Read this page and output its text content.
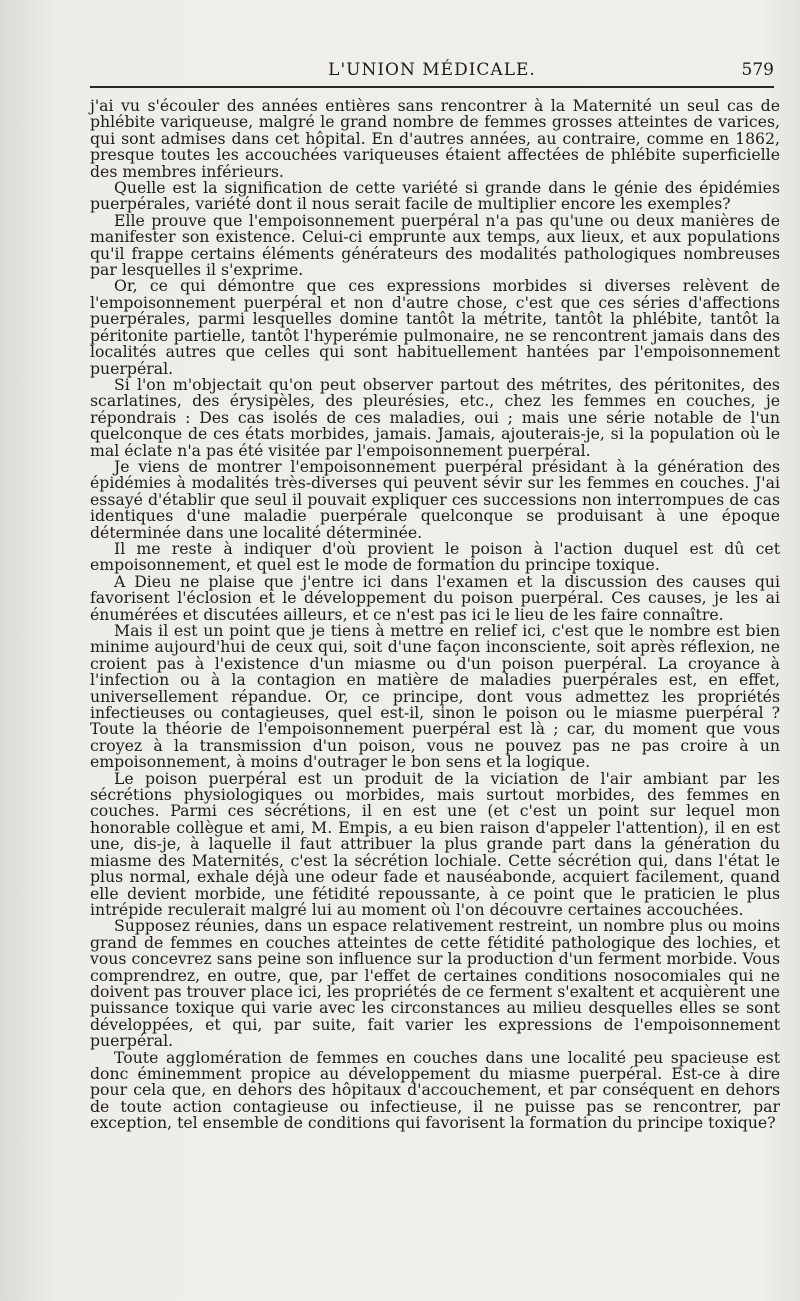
L'UNION MÉDICALE.	579

j'ai vu s'écouler des années entières sans rencontrer à la Maternité un seul cas de phlébite variqueuse, malgré le grand nombre de femmes grosses atteintes de varices, qui sont admises dans cet hôpital. En d'autres années, au contraire, comme en 1862, presque toutes les accouchées variqueuses étaient affectées de phlébite superficielle des membres inférieurs.

Quelle est la signification de cette variété si grande dans le génie des épidémies puerpérales, variété dont il nous serait facile de multiplier encore les exemples?

Elle prouve que l'empoisonnement puerpéral n'a pas qu'une ou deux manières de manifester son existence. Celui-ci emprunte aux temps, aux lieux, et aux populations qu'il frappe certains éléments générateurs des modalités pathologiques nombreuses par lesquelles il s'exprime.

Or, ce qui démontre que ces expressions morbides si diverses relèvent de l'empoisonnement puerpéral et non d'autre chose, c'est que ces séries d'affections puerpérales, parmi lesquelles domine tantôt la métrite, tantôt la phlébite, tantôt la péritonite partielle, tantôt l'hyperémie pulmonaire, ne se rencontrent jamais dans des localités autres que celles qui sont habituellement hantées par l'empoisonnement puerpéral.

Si l'on m'objectait qu'on peut observer partout des métrites, des péritonites, des scarlatines, des érysipèles, des pleurésies, etc., chez les femmes en couches, je répondrais : Des cas isolés de ces maladies, oui ; mais une série notable de l'un quelconque de ces états morbides, jamais. Jamais, ajouterais-je, si la population où le mal éclate n'a pas été visitée par l'empoisonnement puerpéral.

Je viens de montrer l'empoisonnement puerpéral présidant à la génération des épidémies à modalités très-diverses qui peuvent sévir sur les femmes en couches. J'ai essayé d'établir que seul il pouvait expliquer ces successions non interrompues de cas identiques d'une maladie puerpérale quelconque se produisant à une époque déterminée dans une localité déterminée.

Il me reste à indiquer d'où provient le poison à l'action duquel est dû cet empoisonnement, et quel est le mode de formation du principe toxique.

A Dieu ne plaise que j'entre ici dans l'examen et la discussion des causes qui favorisent l'éclosion et le développement du poison puerpéral. Ces causes, je les ai énumérées et discutées ailleurs, et ce n'est pas ici le lieu de les faire connaître.

Mais il est un point que je tiens à mettre en relief ici, c'est que le nombre est bien minime aujourd'hui de ceux qui, soit d'une façon inconsciente, soit après réflexion, ne croient pas à l'existence d'un miasme ou d'un poison puerpéral. La croyance à l'infection ou à la contagion en matière de maladies puerpérales est, en effet, universellement répandue. Or, ce principe, dont vous admettez les propriétés infectieuses ou contagieuses, quel est-il, sinon le poison ou le miasme puerpéral ? Toute la théorie de l'empoisonnement puerpéral est là ; car, du moment que vous croyez à la transmission d'un poison, vous ne pouvez pas ne pas croire à un empoisonnement, à moins d'outrager le bon sens et la logique.

Le poison puerpéral est un produit de la viciation de l'air ambiant par les sécrétions physiologiques ou morbides, mais surtout morbides, des femmes en couches. Parmi ces sécrétions, il en est une (et c'est un point sur lequel mon honorable collègue et ami, M. Empis, a eu bien raison d'appeler l'attention), il en est une, dis-je, à laquelle il faut attribuer la plus grande part dans la génération du miasme des Maternités, c'est la sécrétion lochiale. Cette sécrétion qui, dans l'état le plus normal, exhale déjà une odeur fade et nauséabonde, acquiert facilement, quand elle devient morbide, une fétidité repoussante, à ce point que le praticien le plus intrépide reculerait malgré lui au moment où l'on découvre certaines accouchées.

Supposez réunies, dans un espace relativement restreint, un nombre plus ou moins grand de femmes en couches atteintes de cette fétidité pathologique des lochies, et vous concevrez sans peine son influence sur la production d'un ferment morbide. Vous comprendrez, en outre, que, par l'effet de certaines conditions nosocomiales qui ne doivent pas trouver place ici, les propriétés de ce ferment s'exaltent et acquièrent une puissance toxique qui varie avec les circonstances au milieu desquelles elles se sont développées, et qui, par suite, fait varier les expressions de l'empoisonnement puerpéral.

Toute agglomération de femmes en couches dans une localité peu spacieuse est donc éminemment propice au développement du miasme puerpéral. Est-ce à dire pour cela que, en dehors des hôpitaux d'accouchement, et par conséquent en dehors de toute action contagieuse ou infectieuse, il ne puisse pas se rencontrer, par exception, tel ensemble de conditions qui favorisent la formation du principe toxique?
